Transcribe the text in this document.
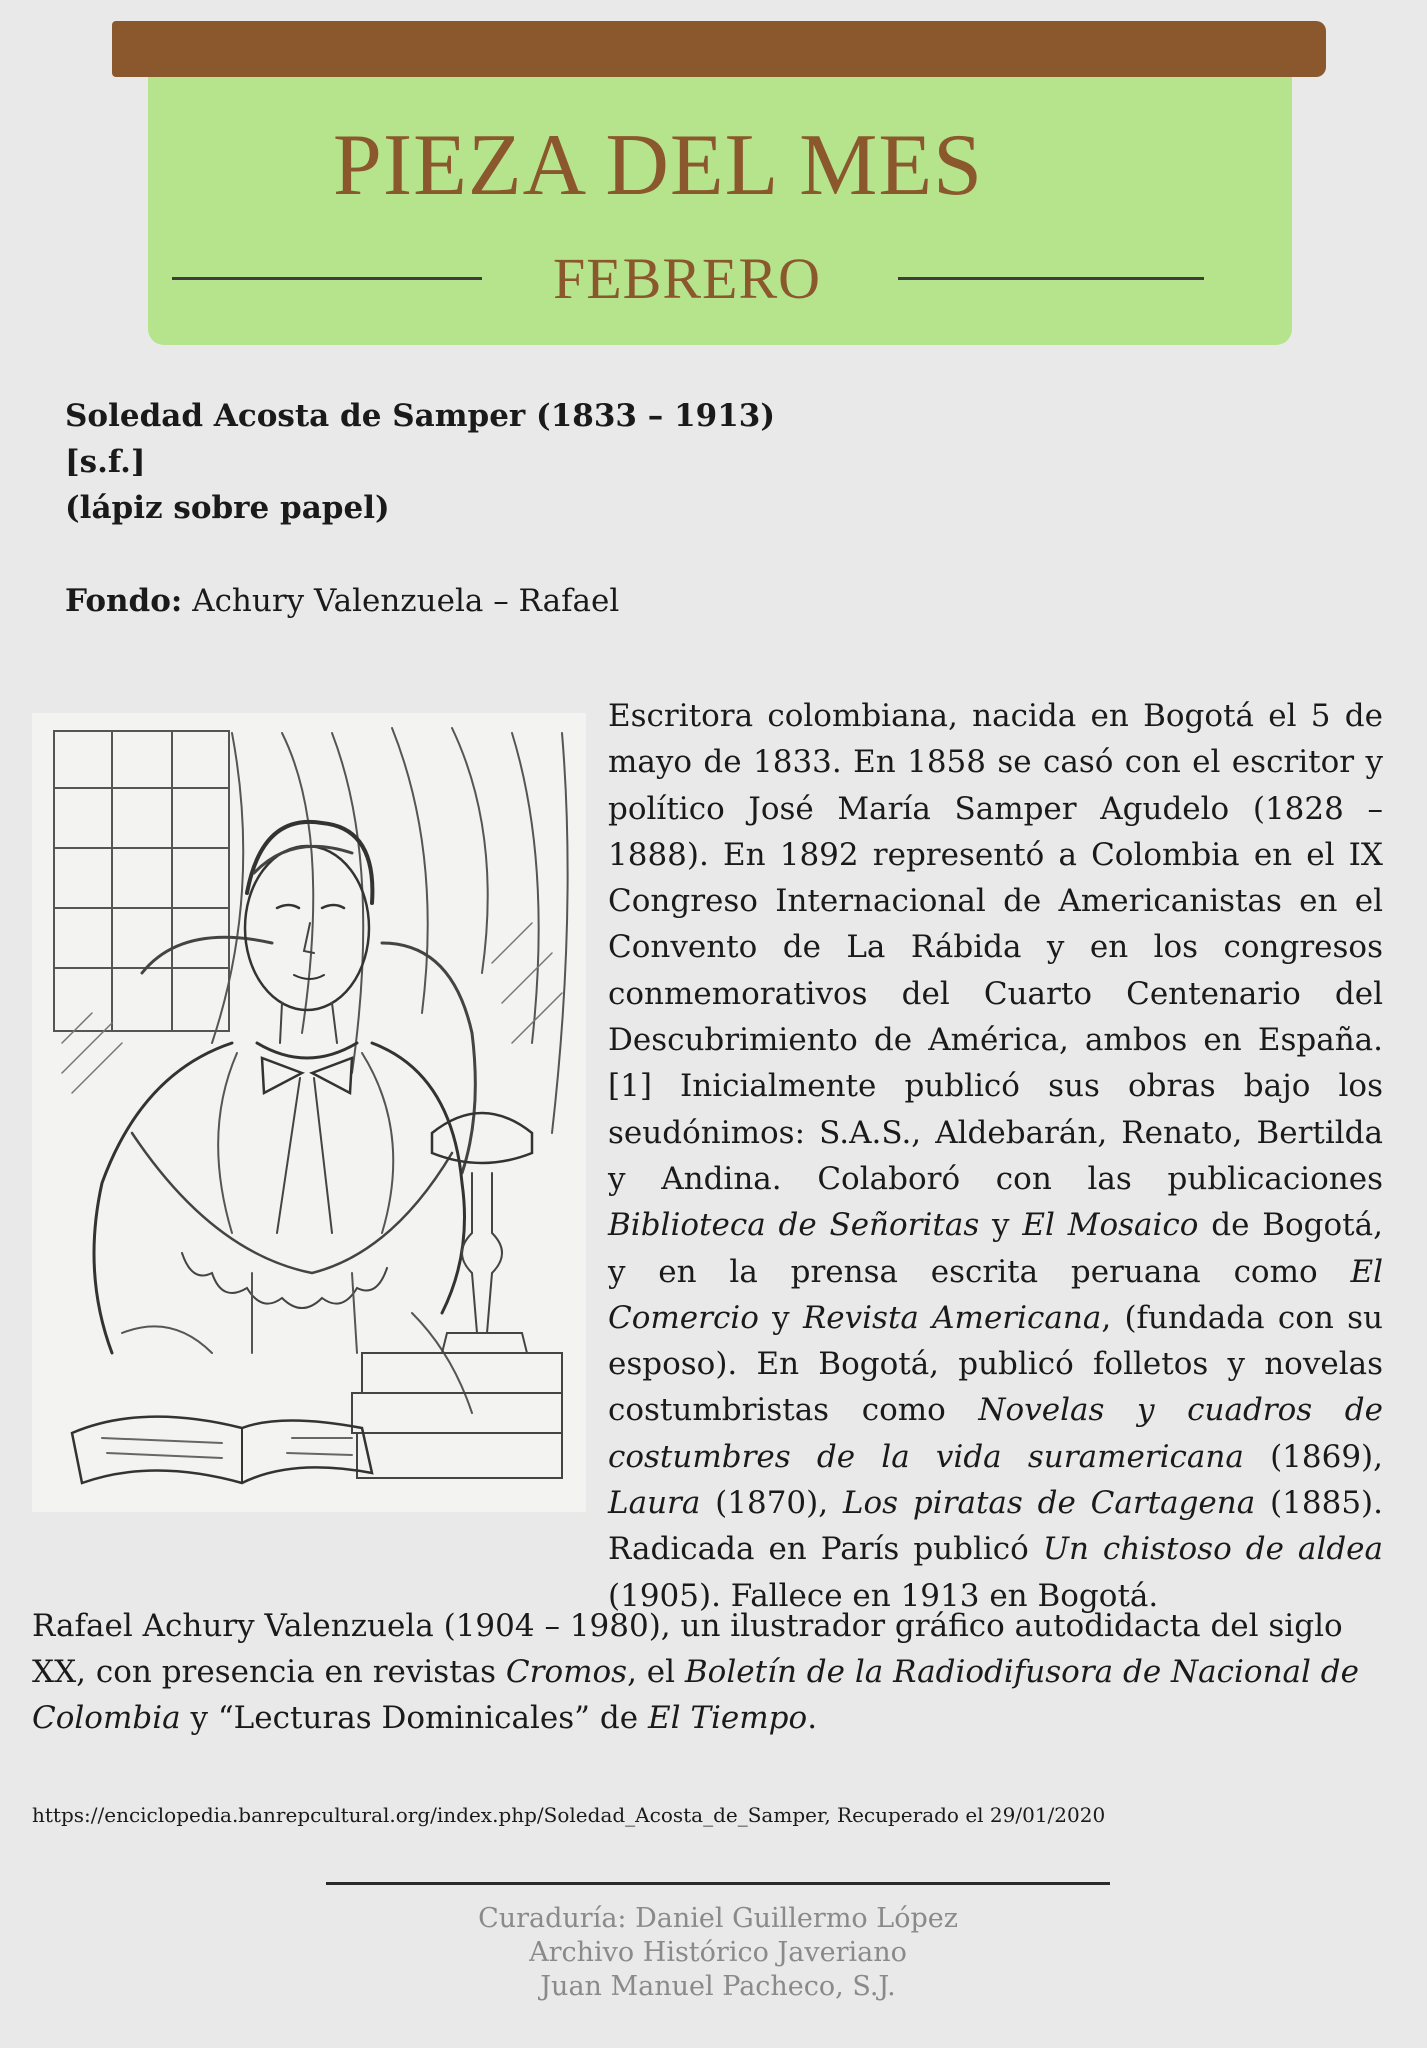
PIEZA DEL MES
FEBRERO
Soledad Acosta de Samper (1833 – 1913)
[s.f.]
(lápiz sobre papel)
Fondo: Achury Valenzuela – Rafael

Escritora colombiana, nacida en Bogotá el 5 de mayo de 1833. En 1858 se casó con el escritor y político José María Samper Agudelo (1828 – 1888). En 1892 representó a Colombia en el IX Congreso Internacional de Americanistas en el Convento de La Rábida y en los congresos conmemorativos del Cuarto Centenario del Descubrimiento de América, ambos en España.[1] Inicialmente publicó sus obras bajo los seudónimos: S.A.S., Aldebarán, Renato, Bertilda y Andina. Colaboró con las publicaciones Biblioteca de Señoritas y El Mosaico de Bogotá, y en la prensa escrita peruana como El Comercio y Revista Americana, (fundada con su esposo). En Bogotá, publicó folletos y novelas costumbristas como Novelas y cuadros de costumbres de la vida suramericana (1869), Laura (1870), Los piratas de Cartagena (1885). Radicada en París publicó Un chistoso de aldea (1905). Fallece en 1913 en Bogotá.

Rafael Achury Valenzuela (1904 – 1980), un ilustrador gráfico autodidacta del siglo XX, con presencia en revistas Cromos, el Boletín de la Radiodifusora de Nacional de Colombia y “Lecturas Dominicales” de El Tiempo.

https://enciclopedia.banrepcultural.org/index.php/Soledad_Acosta_de_Samper, Recuperado el 29/01/2020
Curaduría: Daniel Guillermo López
Archivo Histórico Javeriano
Juan Manuel Pacheco, S.J.
